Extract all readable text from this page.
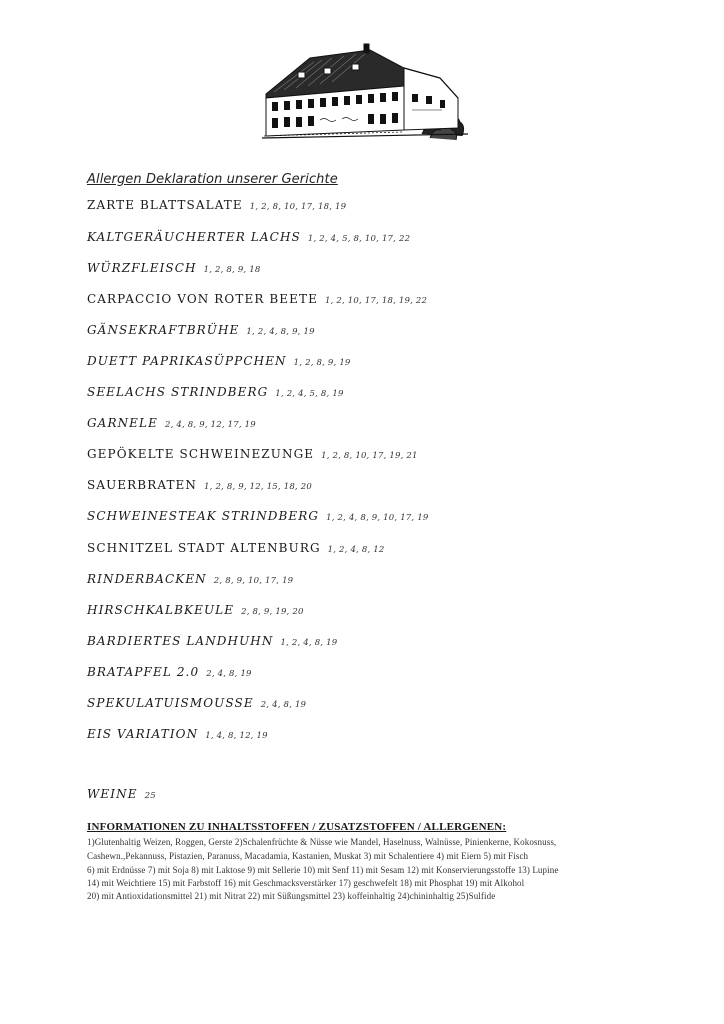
Allergen Deklaration unserer Gerichte
ZARTE BLATTSALATE 1, 2, 8, 10, 17, 18, 19
KALTGERÄUCHERTER LACHS 1, 2, 4, 5, 8, 10, 17, 22
WÜRZFLEISCH 1, 2, 8, 9, 18
CARPACCIO VON ROTER BEETE 1, 2, 10, 17, 18, 19, 22
GÄNSEKRAFTBRÜHE 1, 2, 4, 8, 9, 19
DUETT PAPRIKASÜPPCHEN 1, 2, 8, 9, 19
SEELACHS STRINDBERG 1, 2, 4, 5, 8, 19
GARNELE 2, 4, 8, 9, 12, 17, 19
GEPÖKELTE SCHWEINEZUNGE 1, 2, 8, 10, 17, 19, 21
SAUERBRATEN 1, 2, 8, 9, 12, 15, 18, 20
SCHWEINESTEAK STRINDBERG 1, 2, 4, 8, 9, 10, 17, 19
SCHNITZEL STADT ALTENBURG 1, 2, 4, 8, 12
RINDERBACKEN 2, 8, 9, 10, 17, 19
HIRSCHKALBKEULE 2, 8, 9, 19, 20
BARDIERTES LANDHUHN 1, 2, 4, 8, 19
BRATAPFEL 2.0 2, 4, 8, 19
SPEKULATUISMOUSSE 2, 4, 8, 19
EIS VARIATION 1, 4, 8, 12, 19
WEINE 25
INFORMATIONEN ZU INHALTSSTOFFEN / ZUSATZSTOFFEN / ALLERGENEN:
1)Glutenhaltig Weizen, Roggen, Gerste 2)Schalenfrüchte & Nüsse wie Mandel, Haselnuss, Walnüsse, Pinienkerne, Kokosnuss,
Cashewn.,Pekannuss, Pistazien, Paranuss, Macadamia, Kastanien, Muskat 3) mit Schalentiere 4) mit Eiern 5) mit Fisch
6) mit Erdnüsse 7) mit Soja 8) mit Laktose 9) mit Sellerie 10) mit Senf 11) mit Sesam 12) mit Konservierungsstoffe 13) Lupine
14) mit Weichtiere 15) mit Farbstoff 16) mit Geschmacksverstärker 17) geschwefelt 18) mit Phosphat 19) mit Alkohol
20) mit Antioxidationsmittel 21) mit Nitrat 22) mit Süßungsmittel 23) koffeinhaltig 24)chininhaltig 25)Sulfide
